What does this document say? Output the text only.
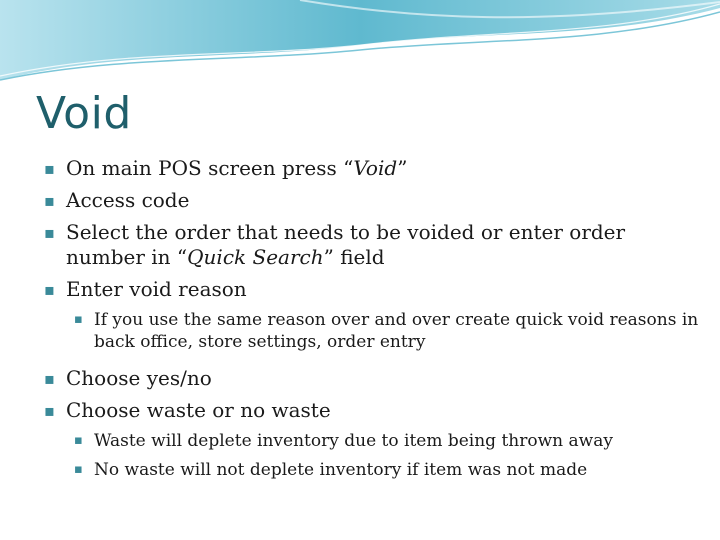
Void
▪ On main POS screen press “Void”
▪ Access code
▪ Select the order that needs to be voided or enter order number in “Quick Search” field
▪ Enter void reason
▪ If you use the same reason over and over create quick void reasons in back office, store settings, order entry
▪ Choose yes/no
▪ Choose waste or no waste
▪ Waste will deplete inventory due to item being thrown away
▪ No waste will not deplete inventory if item was not made
